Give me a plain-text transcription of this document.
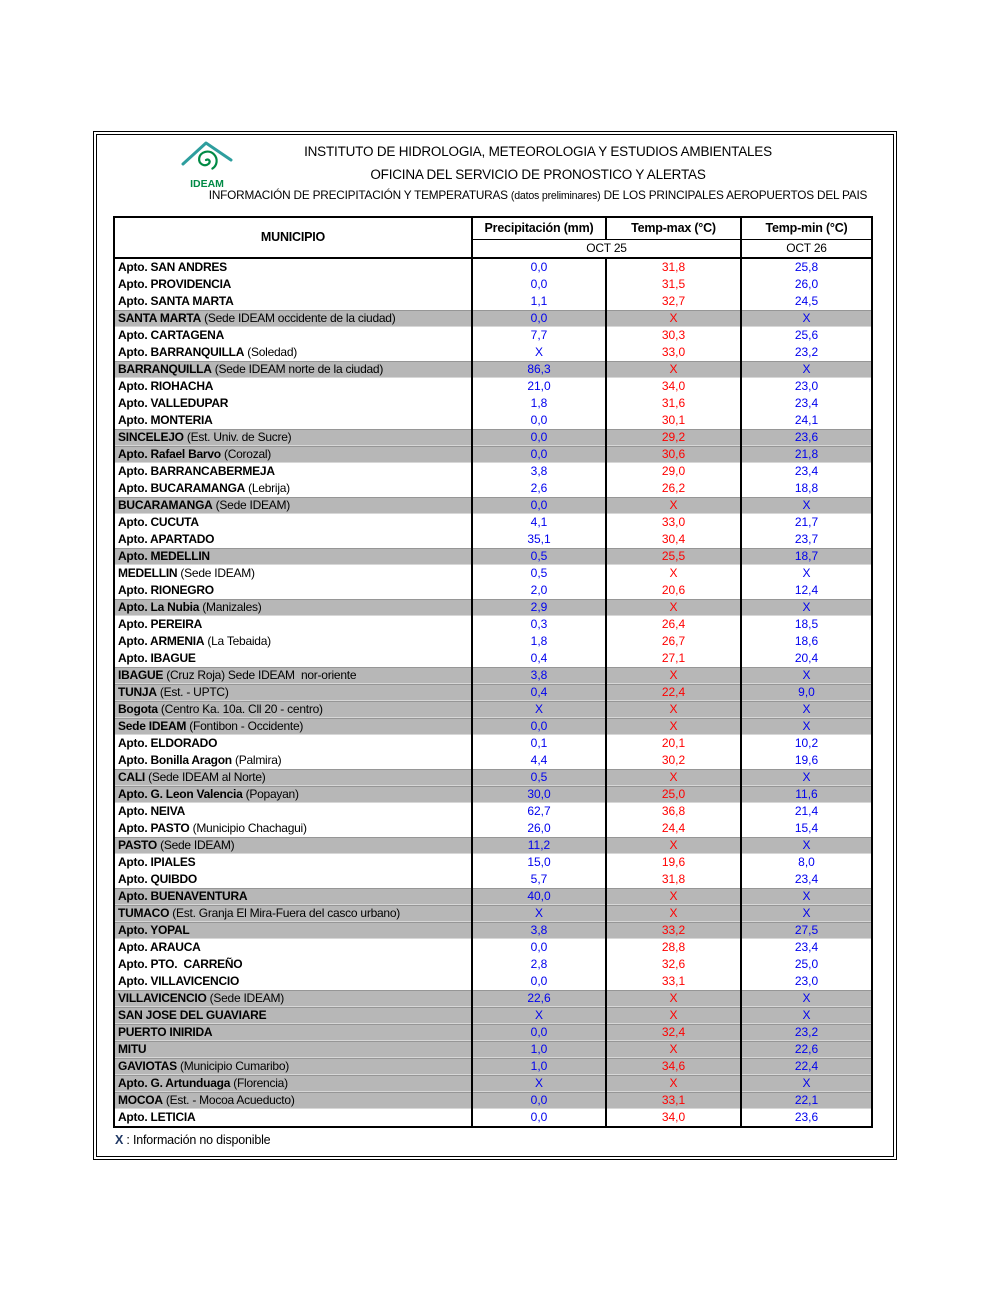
IDEAM
INSTITUTO DE HIDROLOGIA, METEOROLOGIA Y ESTUDIOS AMBIENTALES
OFICINA DEL SERVICIO DE PRONOSTICO Y ALERTAS
INFORMACIÓN DE PRECIPITACIÓN Y TEMPERATURAS (datos preliminares) DE LOS PRINCIPALES AEROPUERTOS DEL PAIS
MUNICIPIO	Precipitación (mm)	Temp-max (°C)	Temp-min (°C)
	OCT 25		OCT 26
Apto. SAN ANDRES	0,0	31,8	25,8
Apto. PROVIDENCIA	0,0	31,5	26,0
Apto. SANTA MARTA	1,1	32,7	24,5
SANTA MARTA (Sede IDEAM occidente de la ciudad)	0,0	X	X
Apto. CARTAGENA	7,7	30,3	25,6
Apto. BARRANQUILLA (Soledad)	X	33,0	23,2
BARRANQUILLA (Sede IDEAM norte de la ciudad)	86,3	X	X
Apto. RIOHACHA	21,0	34,0	23,0
Apto. VALLEDUPAR	1,8	31,6	23,4
Apto. MONTERIA	0,0	30,1	24,1
SINCELEJO (Est. Univ. de Sucre)	0,0	29,2	23,6
Apto. Rafael Barvo (Corozal)	0,0	30,6	21,8
Apto. BARRANCABERMEJA	3,8	29,0	23,4
Apto. BUCARAMANGA (Lebrija)	2,6	26,2	18,8
BUCARAMANGA (Sede IDEAM)	0,0	X	X
Apto. CUCUTA	4,1	33,0	21,7
Apto. APARTADO	35,1	30,4	23,7
Apto. MEDELLIN	0,5	25,5	18,7
MEDELLIN (Sede IDEAM)	0,5	X	X
Apto. RIONEGRO	2,0	20,6	12,4
Apto. La Nubia (Manizales)	2,9	X	X
Apto. PEREIRA	0,3	26,4	18,5
Apto. ARMENIA (La Tebaida)	1,8	26,7	18,6
Apto. IBAGUE	0,4	27,1	20,4
IBAGUE (Cruz Roja) Sede IDEAM  nor-oriente	3,8	X	X
TUNJA (Est. - UPTC)	0,4	22,4	9,0
Bogota (Centro Ka. 10a. Cll 20 - centro)	X	X	X
Sede IDEAM (Fontibon - Occidente)	0,0	X	X
Apto. ELDORADO	0,1	20,1	10,2
Apto. Bonilla Aragon (Palmira)	4,4	30,2	19,6
CALI (Sede IDEAM al Norte)	0,5	X	X
Apto. G. Leon Valencia (Popayan)	30,0	25,0	11,6
Apto. NEIVA	62,7	36,8	21,4
Apto. PASTO (Municipio Chachagui)	26,0	24,4	15,4
PASTO (Sede IDEAM)	11,2	X	X
Apto. IPIALES	15,0	19,6	8,0
Apto. QUIBDO	5,7	31,8	23,4
Apto. BUENAVENTURA	40,0	X	X
TUMACO (Est. Granja El Mira-Fuera del casco urbano)	X	X	X
Apto. YOPAL	3,8	33,2	27,5
Apto. ARAUCA	0,0	28,8	23,4
Apto. PTO.  CARREÑO	2,8	32,6	25,0
Apto. VILLAVICENCIO	0,0	33,1	23,0
VILLAVICENCIO (Sede IDEAM)	22,6	X	X
SAN JOSE DEL GUAVIARE	X	X	X
PUERTO INIRIDA	0,0	32,4	23,2
MITU	1,0	X	22,6
GAVIOTAS (Municipio Cumaribo)	1,0	34,6	22,4
Apto. G. Artunduaga (Florencia)	X	X	X
MOCOA (Est. - Mocoa Acueducto)	0,0	33,1	22,1
Apto. LETICIA	0,0	34,0	23,6
X : Información no disponible
